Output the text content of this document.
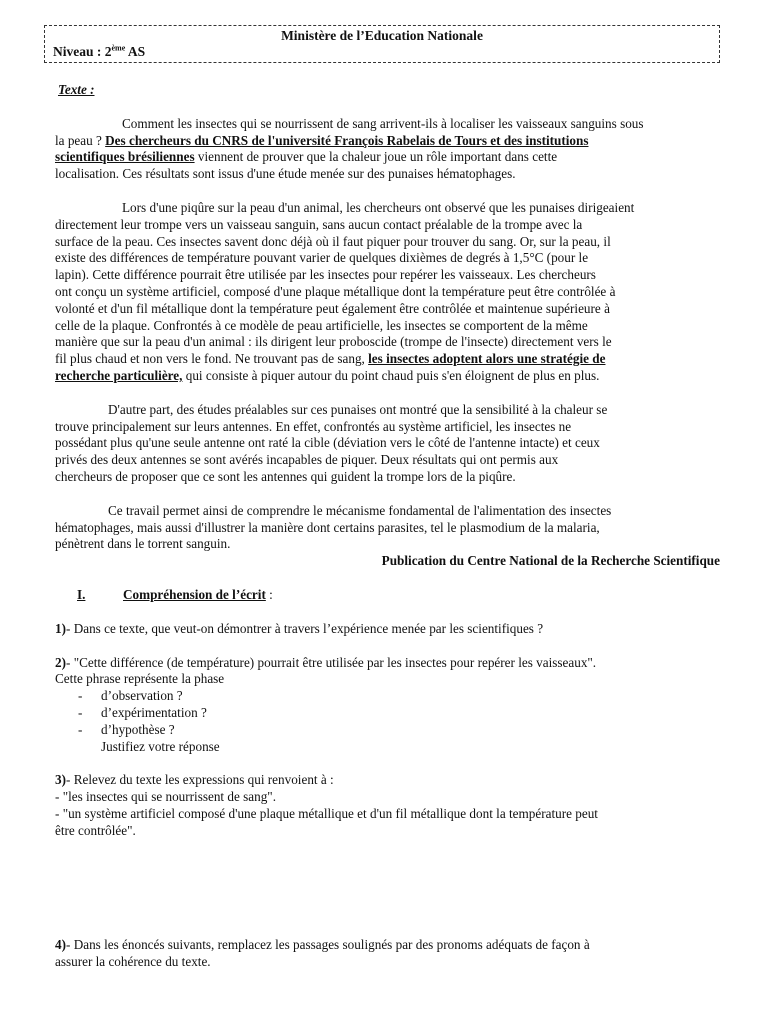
Ministère de l’Education Nationale
Niveau : 2ème AS

Texte :

Comment les insectes qui se nourrissent de sang arrivent-ils à localiser les vaisseaux sanguins sous

la peau ? Des chercheurs du CNRS de l'université François Rabelais de Tours et des institutions

scientifiques brésiliennes viennent de prouver que la chaleur joue un rôle important dans cette

localisation. Ces résultats sont issus d'une étude menée sur des punaises hématophages.

Lors d'une piqûre sur la peau d'un animal, les chercheurs ont observé que les punaises dirigeaient

directement leur trompe vers un vaisseau sanguin, sans aucun contact préalable de la trompe avec la

surface de la peau. Ces insectes savent donc déjà où il faut piquer pour trouver du sang. Or, sur la peau, il

existe des différences de température pouvant varier de quelques dixièmes de degrés à 1,5°C (pour le

lapin). Cette différence pourrait être utilisée par les insectes pour repérer les vaisseaux. Les chercheurs

ont conçu un système artificiel, composé d'une plaque métallique dont la température peut être contrôlée à

volonté et d'un fil métallique dont la température peut également être contrôlée et maintenue supérieure à

celle de la plaque. Confrontés à ce modèle de peau artificielle, les insectes se comportent de la même

manière que sur la peau d'un animal : ils dirigent leur proboscide (trompe de l'insecte) directement vers le

fil plus chaud et non vers le fond. Ne trouvant pas de sang, les insectes adoptent alors une stratégie de

recherche particulière, qui consiste à piquer autour du point chaud puis s'en éloignent de plus en plus.

D'autre part, des études préalables sur ces punaises ont montré que la sensibilité à la chaleur se

trouve principalement sur leurs antennes. En effet, confrontés au système artificiel, les insectes ne

possédant plus qu'une seule antenne ont raté la cible (déviation vers le côté de l'antenne intacte) et ceux

privés des deux antennes se sont avérés incapables de piquer. Deux résultats qui ont permis aux

chercheurs de proposer que ce sont les antennes qui guident la trompe lors de la piqûre.

Ce travail permet ainsi de comprendre le mécanisme fondamental de l'alimentation des insectes

hématophages, mais aussi d'illustrer la manière dont certains parasites, tel le plasmodium de la malaria,

pénètrent dans le torrent sanguin.

Publication du Centre National de la Recherche Scientifique

I.	Compréhension de l’écrit :

1)- Dans ce texte, que veut-on démontrer à travers l’expérience menée par les scientifiques ?

2)- "Cette différence (de température) pourrait être utilisée par les insectes pour repérer les vaisseaux".

Cette phrase représente la phase

- d’observation ?

- d’expérimentation ?

- d’hypothèse ?

Justifiez votre réponse

3)- Relevez du texte les expressions qui renvoient à :

- "les insectes qui se nourrissent de sang".

- "un système artificiel composé d'une plaque métallique et d'un fil métallique dont la température peut

être contrôlée".

4)- Dans les énoncés suivants, remplacez les passages soulignés par des pronoms adéquats de façon à

assurer la cohérence du texte.
